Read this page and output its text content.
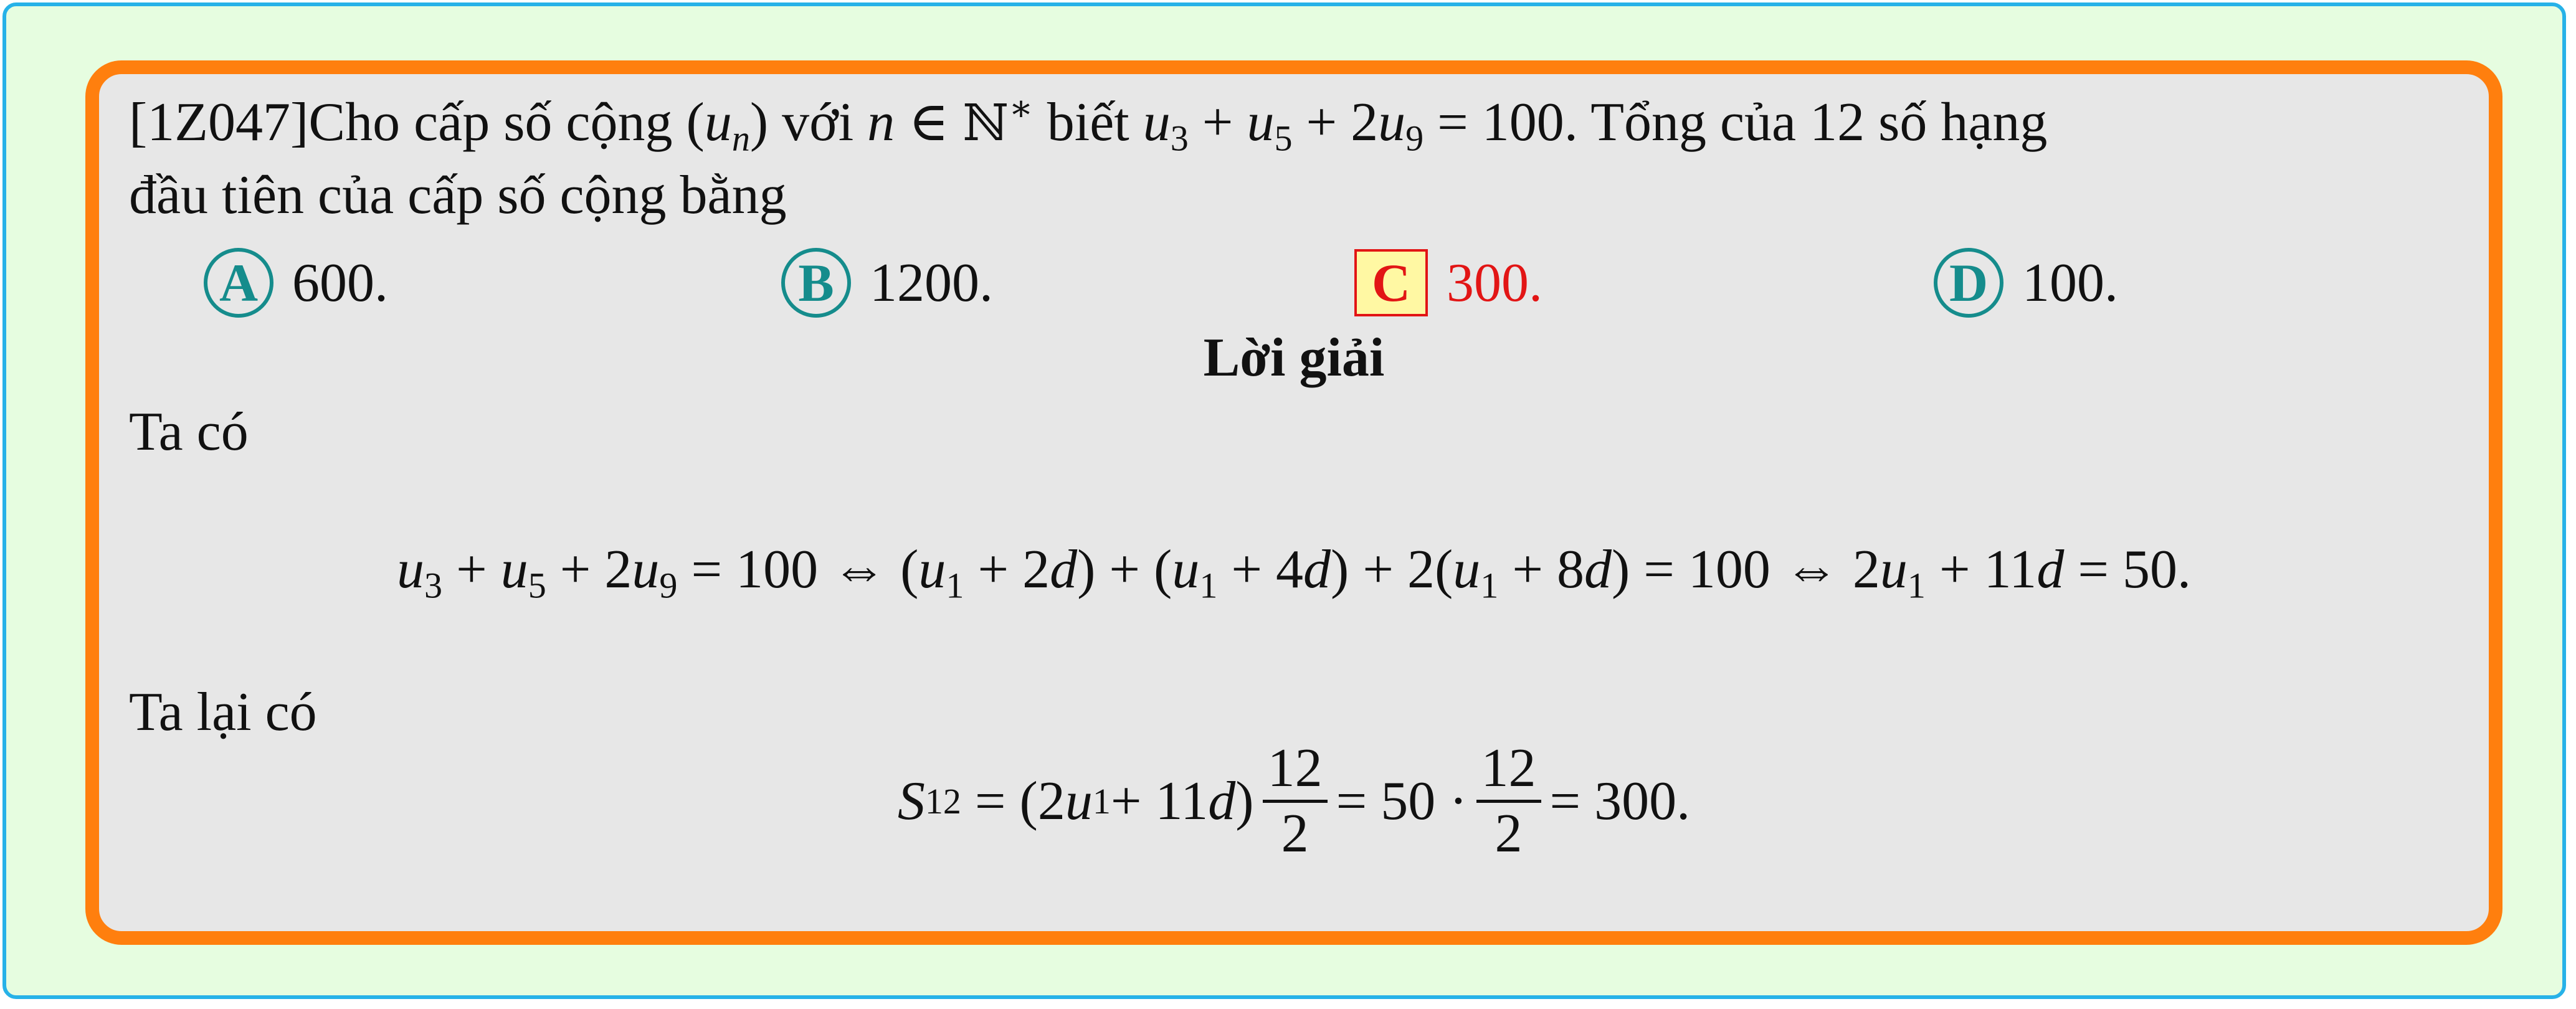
[1Z047]Cho cấp số cộng $(u_n)$ với n ∈ ℕ∗ biết $u_3 + u_5 + 2u_9 = 100$. Tổng của 12 số hạng
đầu tiên của cấp số cộng bằng
A 600.	B 1200.	C 300.	D 100.
Lời giải
Ta có
$u_3 + u_5 + 2u_9 = 100$ ⇔ $(u_1 + 2d) + (u_1 + 4d) + 2(u_1 + 8d) = 100$ ⇔ $2u_1 + 11d = 50$.
Ta lại có
S 12 = (2 u 1 + 11 d ) $\frac{12}{2} = 50 \cdot \frac{12}{2} = 300$.
